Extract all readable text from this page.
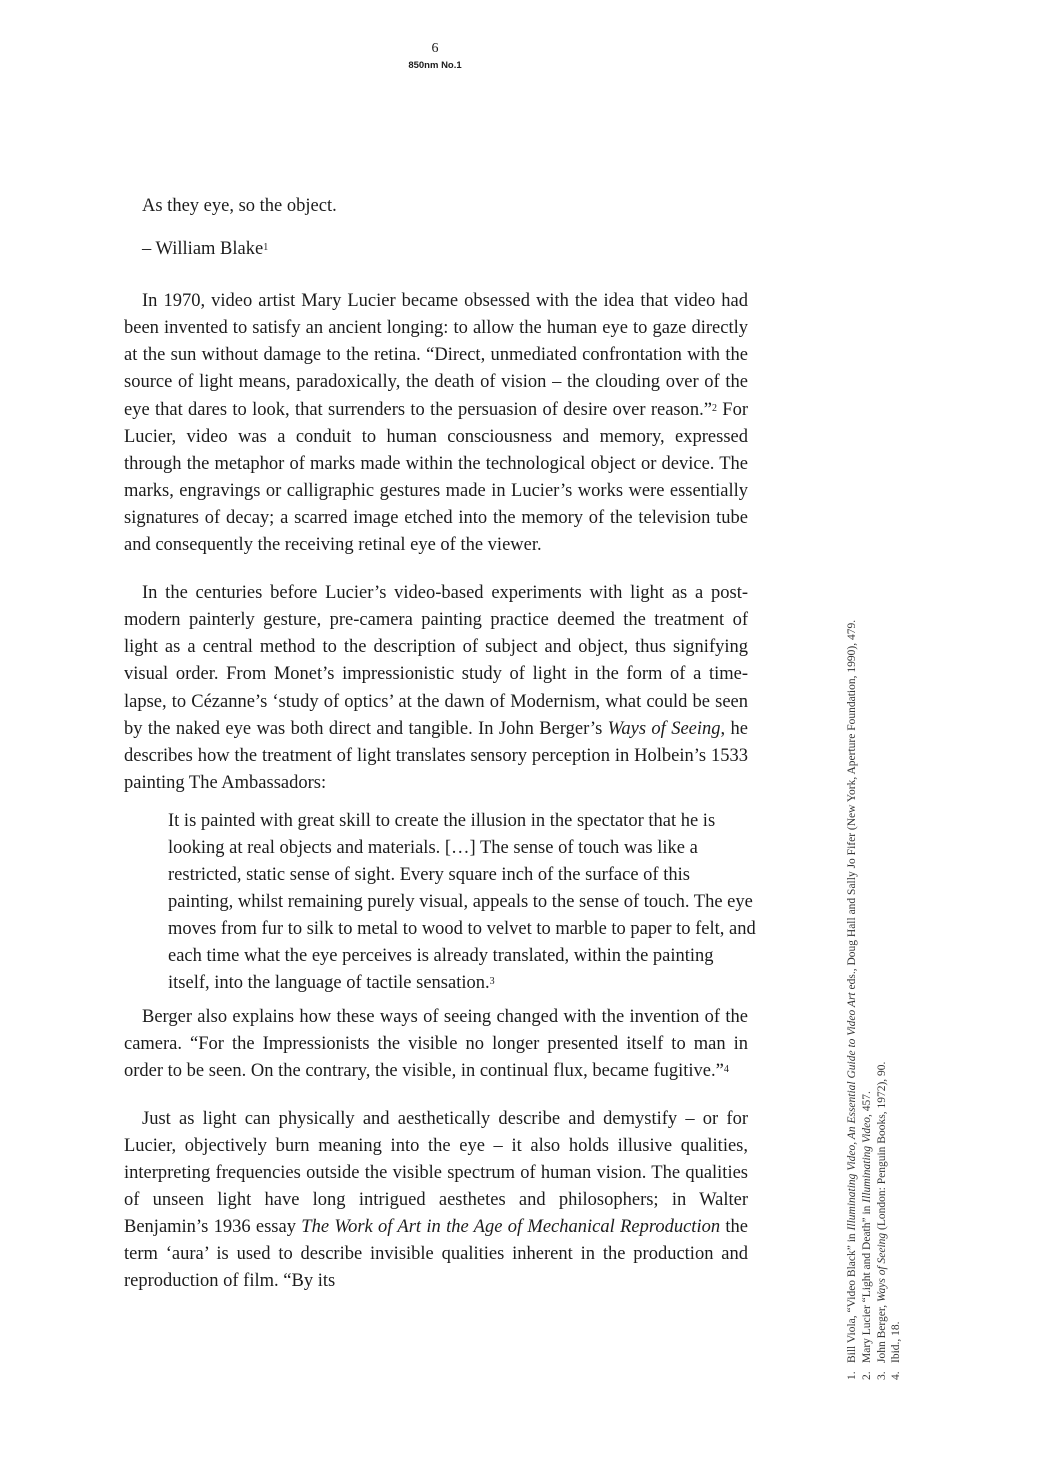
6
850nm No.1

As they eye, so the object.

– William Blake$^1$

In 1970, video artist Mary Lucier became obsessed with the idea that video had been invented to satisfy an ancient longing: to allow the human eye to gaze directly at the sun without damage to the retina. “Direct, unmediated confrontation with the source of light means, paradoxically, the death of vision – the clouding over of the eye that dares to look, that surrenders to the persuasion of desire over reason.”$^2$ For Lucier, video was a conduit to human consciousness and memory, expressed through the metaphor of marks made within the technological object or device. The marks, engravings or calligraphic gestures made in Lucier’s works were essentially signatures of decay; a scarred image etched into the memory of the television tube and consequently the receiving retinal eye of the viewer.

In the centuries before Lucier’s video-based experiments with light as a post-modern painterly gesture, pre-camera painting practice deemed the treatment of light as a central method to the description of subject and object, thus signifying visual order. From Monet’s impressionistic study of light in the form of a time-lapse, to Cézanne’s ‘study of optics’ at the dawn of Modernism, what could be seen by the naked eye was both direct and tangible. In John Berger’s Ways of Seeing, he describes how the treatment of light translates sensory perception in Holbein’s 1533 painting The Ambassadors:

It is painted with great skill to create the illusion in the spectator that he is looking at real objects and materials. […] The sense of touch was like a restricted, static sense of sight. Every square inch of the surface of this painting, whilst remaining purely visual, appeals to the sense of touch. The eye moves from fur to silk to metal to wood to velvet to marble to paper to felt, and each time what the eye perceives is already translated, within the painting itself, into the language of tactile sensation.$^3$

Berger also explains how these ways of seeing changed with the invention of the camera. “For the Impressionists the visible no longer presented itself to man in order to be seen. On the contrary, the visible, in continual flux, became fugitive.”$^4$

Just as light can physically and aesthetically describe and demystify – or for Lucier, objectively burn meaning into the eye – it also holds illusive qualities, interpreting frequencies outside the visible spectrum of human vision. The qualities of unseen light have long intrigued aesthetes and philosophers; in Walter Benjamin’s 1936 essay The Work of Art in the Age of Mechanical Reproduction the term ‘aura’ is used to describe invisible qualities inherent in the production and reproduction of film. “By its

1.Bill Viola, “Video Black” in Illuminating Video, An Essential Guide to Video Art eds., Doug Hall and Sally Jo Fifer (New York, Aperture Foundation, 1990), 479.

2.Mary Lucier “Light and Death” in Illuminating Video, 457.

3.John Berger, Ways of Seeing (London: Penguin Books, 1972), 90.

4.Ibid., 18.
